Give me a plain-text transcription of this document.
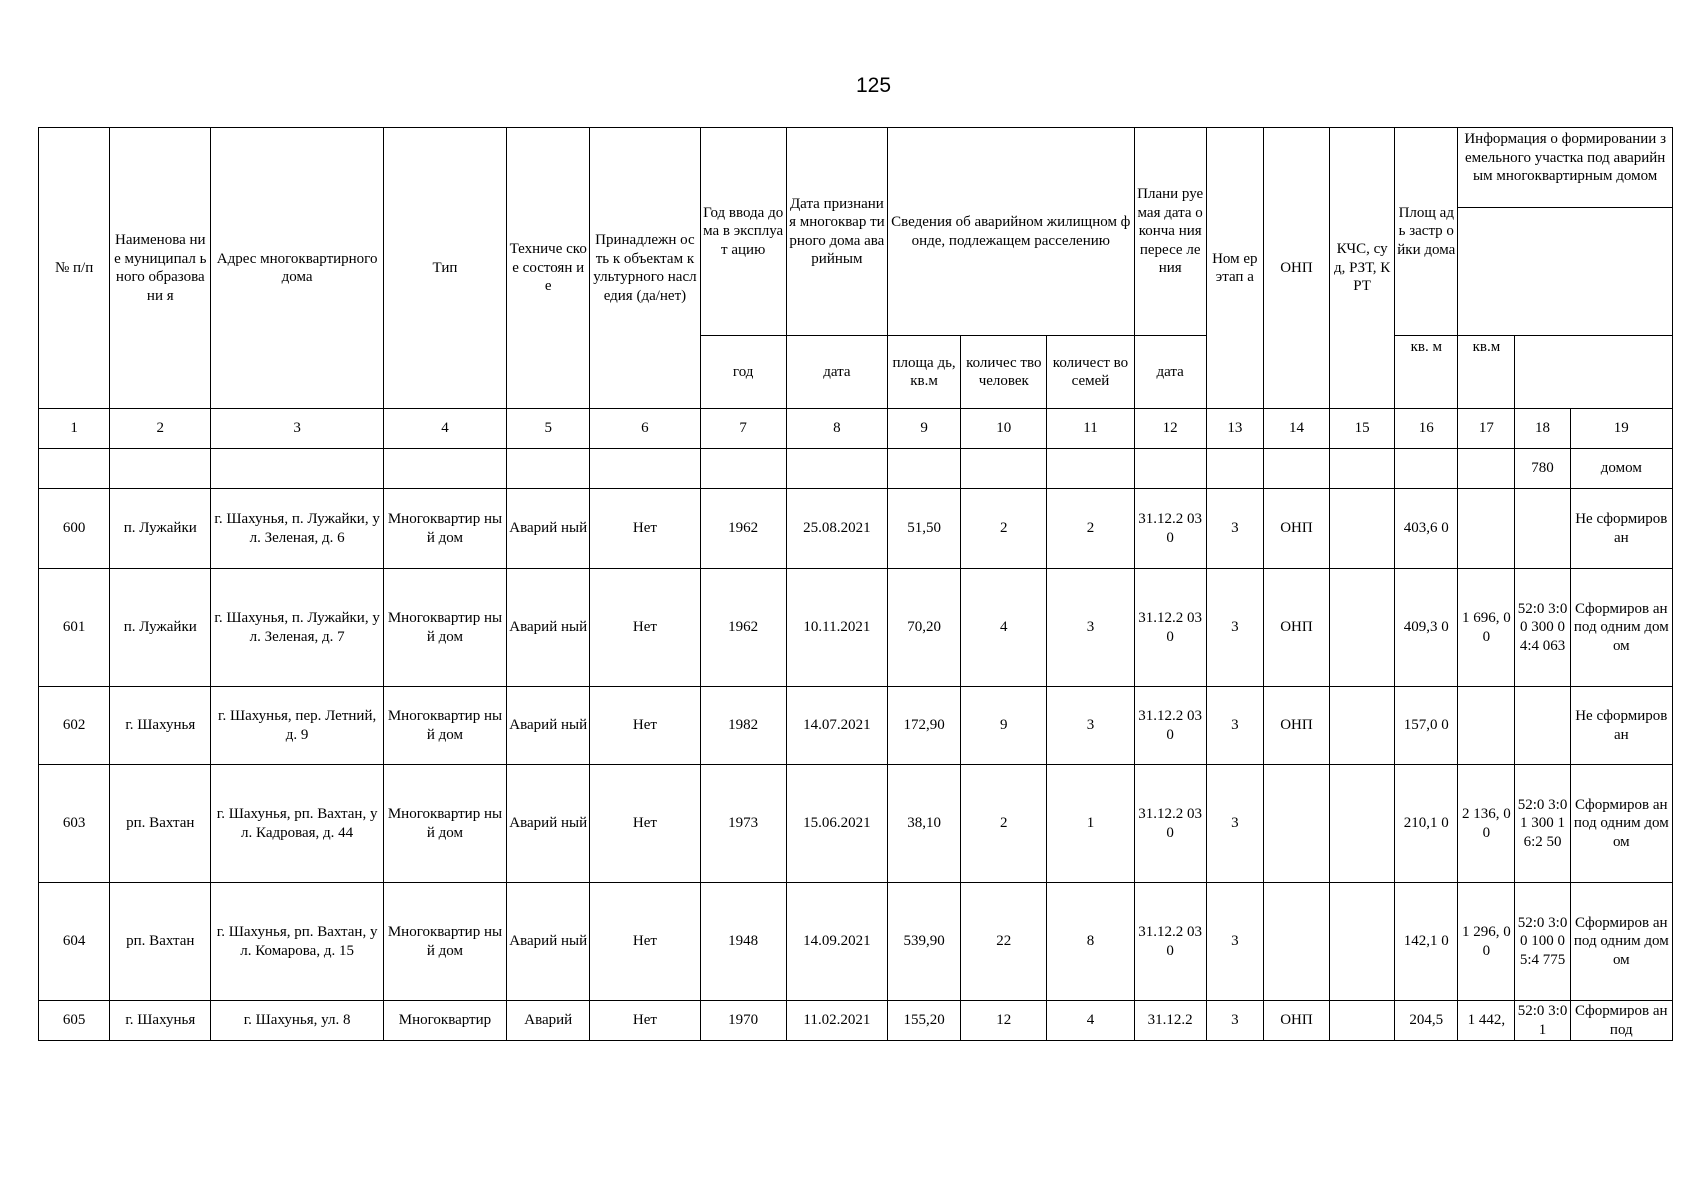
125
№ п/п	Наименова ние муниципал ьного образовани я	Адрес многоквартирного дома	Тип	Техниче ское состоян ие	Принадлежн ость к объектам культурного наследия (да/нет)	Год ввода дома в эксплуат ацию	Дата признания многоквар тирного дома аварийным	Сведения об аварийном жилищном фонде, подлежащем расселению			Плани руемая дата оконча ния пересе ления	Ном ер этап а	ОНП	КЧС, суд, РЗТ, КРТ	Площ адь застр ойки дома	Информация о формировании земельного участка под аварийным многоквартирным домом		

						год	дата	площа дь, кв.м	количес тво человек	количест во семей	дата				кв. м	кв.м		
1	2	3	4	5	6	7	8	9	10	11	12	13	14	15	16	17	18	19
																	780	домом
600	п. Лужайки	г. Шахунья, п. Лужайки, ул. Зеленая, д. 6	Многоквартир ный дом	Аварий ный	Нет	1962	25.08.2021	51,50	2	2	31.12.2 030	3	ОНП		403,6 0			Не сформиров ан
601	п. Лужайки	г. Шахунья, п. Лужайки, ул. Зеленая, д. 7	Многоквартир ный дом	Аварий ный	Нет	1962	10.11.2021	70,20	4	3	31.12.2 030	3	ОНП		409,3 0	1 696, 00	52:0 3:00 300 04:4 063	Сформиров ан под одним домом
602	г. Шахунья	г. Шахунья, пер. Летний, д. 9	Многоквартир ный дом	Аварий ный	Нет	1982	14.07.2021	172,90	9	3	31.12.2 030	3	ОНП		157,0 0			Не сформиров ан
603	рп. Вахтан	г. Шахунья, рп. Вахтан, ул. Кадровая, д. 44	Многоквартир ный дом	Аварий ный	Нет	1973	15.06.2021	38,10	2	1	31.12.2 030	3			210,1 0	2 136, 00	52:0 3:01 300 16:2 50	Сформиров ан под одним домом
604	рп. Вахтан	г. Шахунья, рп. Вахтан, ул. Комарова, д. 15	Многоквартир ный дом	Аварий ный	Нет	1948	14.09.2021	539,90	22	8	31.12.2 030	3			142,1 0	1 296, 00	52:0 3:00 100 05:4 775	Сформиров ан под одним домом
605	г. Шахунья	г. Шахунья, ул. 8	Многоквартир	Аварий	Нет	1970	11.02.2021	155,20	12	4	31.12.2	3	ОНП		204,5	1 442,	52:0 3:01	Сформиров ан под
